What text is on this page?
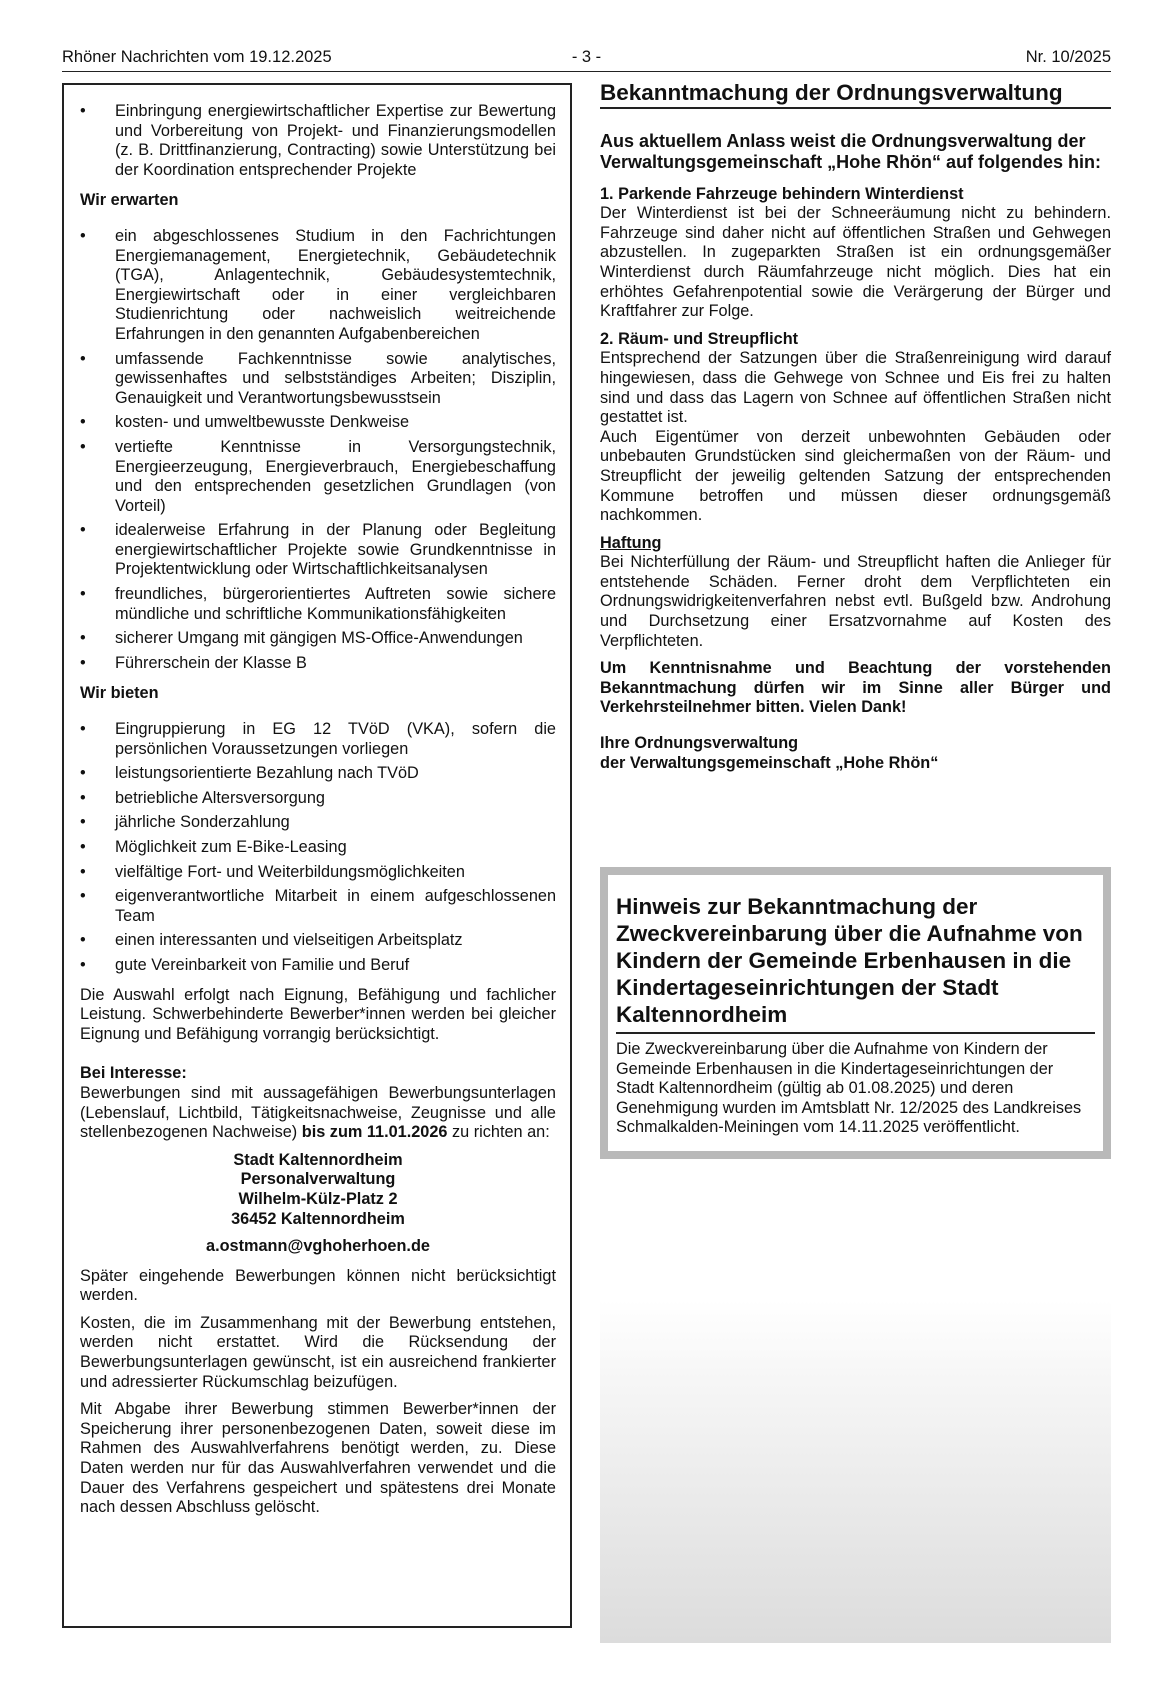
Rhöner Nachrichten vom 19.12.2025	- 3 -	Nr. 10/2025
• Einbringung energiewirtschaftlicher Expertise zur Bewertung und Vorbereitung von Projekt- und Finanzierungsmodellen (z. B. Drittfinanzierung, Contracting) sowie Unterstützung bei der Koordination entsprechender Projekte
Wir erwarten
• ein abgeschlossenes Studium in den Fachrichtungen Energiemanagement, Energietechnik, Gebäudetechnik (TGA), Anlagentechnik, Gebäudesystemtechnik, Energiewirtschaft oder in einer vergleichbaren Studienrichtung oder nachweislich weitreichende Erfahrungen in den genannten Aufgabenbereichen
• umfassende Fachkenntnisse sowie analytisches, gewissenhaftes und selbstständiges Arbeiten; Disziplin, Genauigkeit und Verantwortungsbewusstsein
• kosten- und umweltbewusste Denkweise
• vertiefte Kenntnisse in Versorgungstechnik, Energieerzeugung, Energieverbrauch, Energiebeschaffung und den entsprechenden gesetzlichen Grundlagen (von Vorteil)
• idealerweise Erfahrung in der Planung oder Begleitung energiewirtschaftlicher Projekte sowie Grundkenntnisse in Projektentwicklung oder Wirtschaftlichkeitsanalysen
• freundliches, bürgerorientiertes Auftreten sowie sichere mündliche und schriftliche Kommunikationsfähigkeiten
• sicherer Umgang mit gängigen MS-Office-Anwendungen
• Führerschein der Klasse B
Wir bieten
• Eingruppierung in EG 12 TVöD (VKA), sofern die persönlichen Voraussetzungen vorliegen
• leistungsorientierte Bezahlung nach TVöD
• betriebliche Altersversorgung
• jährliche Sonderzahlung
• Möglichkeit zum E-Bike-Leasing
• vielfältige Fort- und Weiterbildungsmöglichkeiten
• eigenverantwortliche Mitarbeit in einem aufgeschlossenen Team
• einen interessanten und vielseitigen Arbeitsplatz
• gute Vereinbarkeit von Familie und Beruf

Die Auswahl erfolgt nach Eignung, Befähigung und fachlicher Leistung. Schwerbehinderte Bewerber*innen werden bei gleicher Eignung und Befähigung vorrangig berücksichtigt.

Bei Interesse:

Bewerbungen sind mit aussagefähigen Bewerbungsunterlagen (Lebenslauf, Lichtbild, Tätigkeitsnachweise, Zeugnisse und alle stellenbezogenen Nachweise) bis zum 11.01.2026 zu richten an:

Stadt Kaltennordheim
Personalverwaltung
Wilhelm-Külz-Platz 2
36452 Kaltennordheim
a.ostmann@vghoherhoen.de

Später eingehende Bewerbungen können nicht berücksichtigt werden.

Kosten, die im Zusammenhang mit der Bewerbung entstehen, werden nicht erstattet. Wird die Rücksendung der Bewerbungsunterlagen gewünscht, ist ein ausreichend frankierter und adressierter Rückumschlag beizufügen.

Mit Abgabe ihrer Bewerbung stimmen Bewerber*innen der Speicherung ihrer personenbezogenen Daten, soweit diese im Rahmen des Auswahlverfahrens benötigt werden, zu. Diese Daten werden nur für das Auswahlverfahren verwendet und die Dauer des Verfahrens gespeichert und spätestens drei Monate nach dessen Abschluss gelöscht.

Bekanntmachung der Ordnungsverwaltung
Aus aktuellem Anlass weist die Ordnungsverwaltung der Verwaltungsgemeinschaft „Hohe Rhön“ auf folgendes hin:
1. Parkende Fahrzeuge behindern Winterdienst

Der Winterdienst ist bei der Schneeräumung nicht zu behindern. Fahrzeuge sind daher nicht auf öffentlichen Straßen und Gehwegen abzustellen. In zugeparkten Straßen ist ein ordnungsgemäßer Winterdienst durch Räumfahrzeuge nicht möglich. Dies hat ein erhöhtes Gefahrenpotential sowie die Verärgerung der Bürger und Kraftfahrer zur Folge.

2. Räum- und Streupflicht

Entsprechend der Satzungen über die Straßenreinigung wird darauf hingewiesen, dass die Gehwege von Schnee und Eis frei zu halten sind und dass das Lagern von Schnee auf öffentlichen Straßen nicht gestattet ist.

Auch Eigentümer von derzeit unbewohnten Gebäuden oder unbebauten Grundstücken sind gleichermaßen von der Räum- und Streupflicht der jeweilig geltenden Satzung der entsprechenden Kommune betroffen und müssen dieser ordnungsgemäß nachkommen.

Haftung

Bei Nichterfüllung der Räum- und Streupflicht haften die Anlieger für entstehende Schäden. Ferner droht dem Verpflichteten ein Ordnungswidrigkeitenverfahren nebst evtl. Bußgeld bzw. Androhung und Durchsetzung einer Ersatzvornahme auf Kosten des Verpflichteten.

Um Kenntnisnahme und Beachtung der vorstehenden Bekanntmachung dürfen wir im Sinne aller Bürger und Verkehrsteilnehmer bitten. Vielen Dank!

Ihre Ordnungsverwaltung
der Verwaltungsgemeinschaft „Hohe Rhön“
Hinweis zur Bekanntmachung der Zweckvereinbarung über die Aufnahme von Kindern der Gemeinde Erbenhausen in die Kindertageseinrichtungen der Stadt Kaltennordheim

Die Zweckvereinbarung über die Aufnahme von Kindern der Gemeinde Erbenhausen in die Kindertageseinrichtungen der Stadt Kaltennordheim (gültig ab 01.08.2025) und deren Genehmigung wurden im Amtsblatt Nr. 12/2025 des Landkreises Schmalkalden-Meiningen vom 14.11.2025 veröffentlicht.
